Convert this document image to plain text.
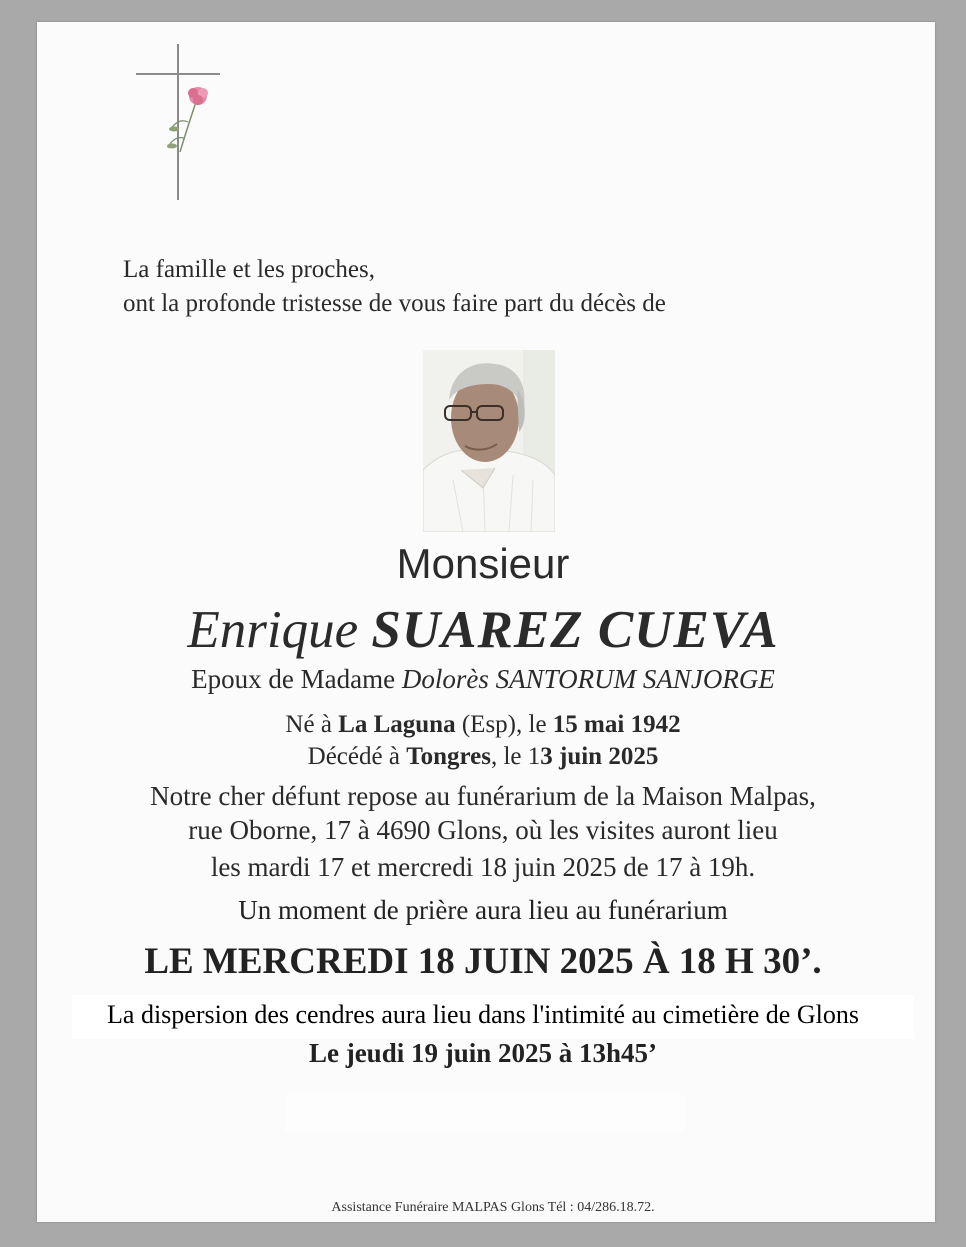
La famille et les proches,
ont la profonde tristesse de vous faire part du décès de
Monsieur
Enrique SUAREZ CUEVA
Epoux de Madame Dolorès SANTORUM SANJORGE
Né à La Laguna (Esp), le 15 mai 1942
Décédé à Tongres, le 13 juin 2025
Notre cher défunt repose au funérarium de la Maison Malpas,
rue Oborne, 17 à 4690 Glons, où les visites auront lieu
les mardi 17 et mercredi 18 juin 2025 de 17 à 19h.
Un moment de prière aura lieu au funérarium
LE MERCREDI 18 JUIN 2025 À 18 H 30’.
La dispersion des cendres aura lieu dans l'intimité au cimetière de Glons
Le jeudi 19 juin 2025 à 13h45’
Assistance Funéraire MALPAS Glons Tél : 04/286.18.72.
